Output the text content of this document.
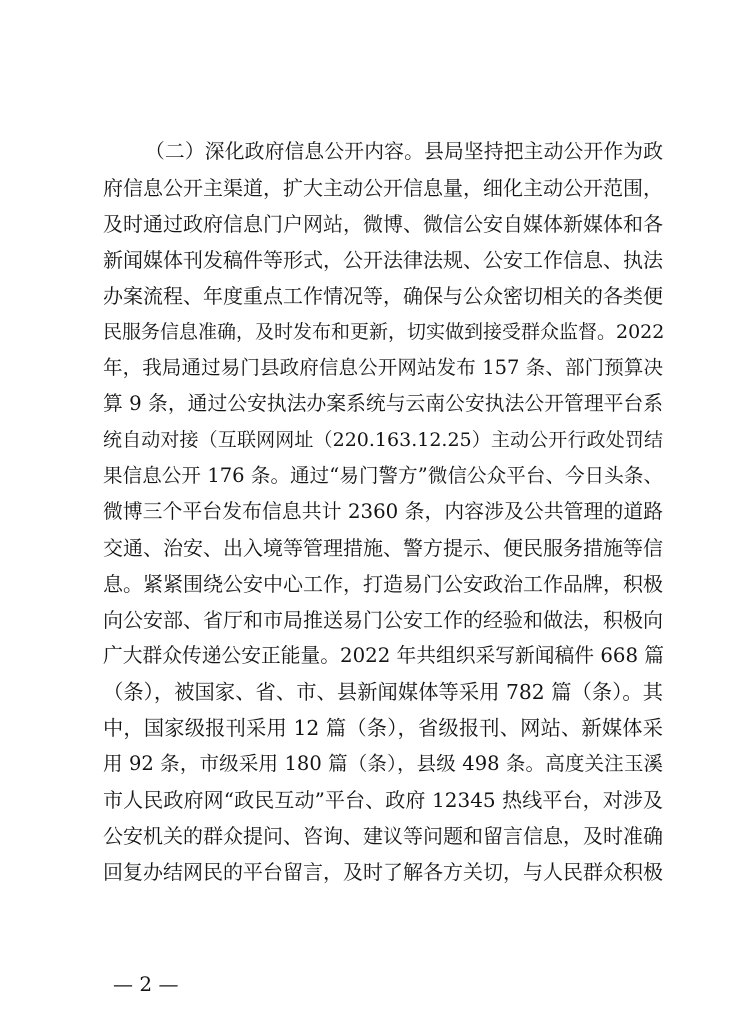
（二）深化政府信息公开内容。县局坚持把主动公开作为政
府信息公开主渠道，扩大主动公开信息量，细化主动公开范围，
及时通过政府信息门户网站，微博、微信公安自媒体新媒体和各
新闻媒体刊发稿件等形式，公开法律法规、公安工作信息、执法
办案流程、年度重点工作情况等，确保与公众密切相关的各类便
民服务信息准确，及时发布和更新，切实做到接受群众监督。2022
年，我局通过易门县政府信息公开网站发布 157 条、部门预算决
算 9 条，通过公安执法办案系统与云南公安执法公开管理平台系
统自动对接（互联网网址（220.163.12.25）主动公开行政处罚结
果信息公开 176 条。通过“易门警方”微信公众平台、今日头条、
微博三个平台发布信息共计 2360 条，内容涉及公共管理的道路
交通、治安、出入境等管理措施、警方提示、便民服务措施等信
息。紧紧围绕公安中心工作，打造易门公安政治工作品牌，积极
向公安部、省厅和市局推送易门公安工作的经验和做法，积极向
广大群众传递公安正能量。2022 年共组织采写新闻稿件 668 篇
（条），被国家、省、市、县新闻媒体等采用 782 篇（条）。其
中，国家级报刊采用 12 篇（条），省级报刊、网站、新媒体采
用 92 条，市级采用 180 篇（条），县级 498 条。高度关注玉溪
市人民政府网“政民互动”平台、政府 12345 热线平台，对涉及
公安机关的群众提问、咨询、建议等问题和留言信息，及时准确
回复办结网民的平台留言，及时了解各方关切，与人民群众积极
— 2 —
